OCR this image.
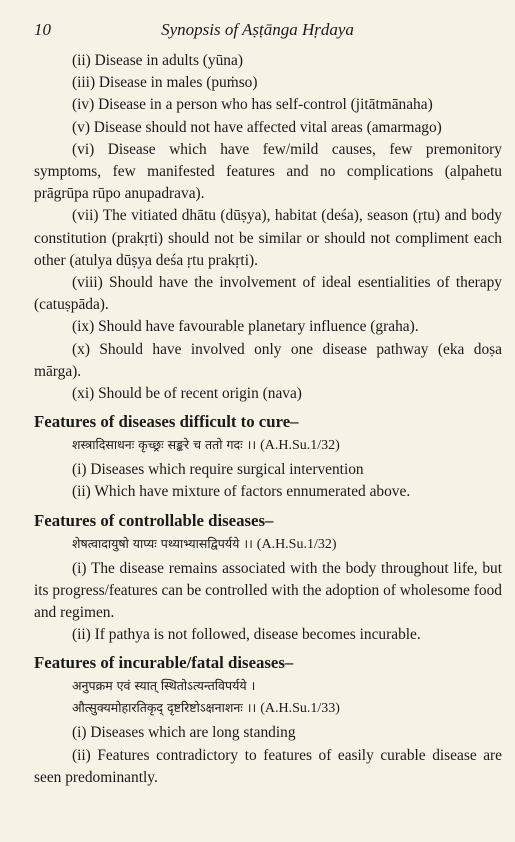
10	Synopsis of Aṣṭānga Hṛdaya

(ii) Disease in adults (yūna)

(iii) Disease in males (puṁso)

(iv) Disease in a person who has self-control (jitātmānaha)

(v) Disease should not have affected vital areas (amarmago)

(vi) Disease which have few/mild causes, few premonitory symptoms, few manifested features and no complications (alpahetu prāgrūpa rūpo anupadrava).

(vii) The vitiated dhātu (dūṣya), habitat (deśa), season (ṛtu) and body constitution (prakṛti) should not be similar or should not compliment each other (atulya dūṣya deśa ṛtu prakṛti).

(viii) Should have the involvement of ideal esentialities of therapy (catuṣpāda).

(ix) Should have favourable planetary influence (graha).

(x) Should have involved only one disease pathway (eka doṣa mārga).

(xi) Should be of recent origin (nava)

Features of diseases difficult to cure–

शस्त्रादिसाधनः कृच्छ्रः सङ्करे च ततो गदः ।। (A.H.Su.1/32)

(i) Diseases which require surgical intervention

(ii) Which have mixture of factors ennumerated above.

Features of controllable diseases–

शेषत्वादायुषो याप्यः पथ्याभ्यासद्विपर्यये ।। (A.H.Su.1/32)

(i) The disease remains associated with the body throughout life, but its progress/features can be controlled with the adoption of wholesome food and regimen.

(ii) If pathya is not followed, disease becomes incurable.

Features of incurable/fatal diseases–

अनुपक्रम एवं स्यात् स्थितोऽत्यन्तविपर्यये ।

औत्सुक्यमोहारतिकृद् दृष्टरिष्टोऽक्षनाशनः ।। (A.H.Su.1/33)

(i) Diseases which are long standing

(ii) Features contradictory to features of easily curable disease are seen predominantly.
